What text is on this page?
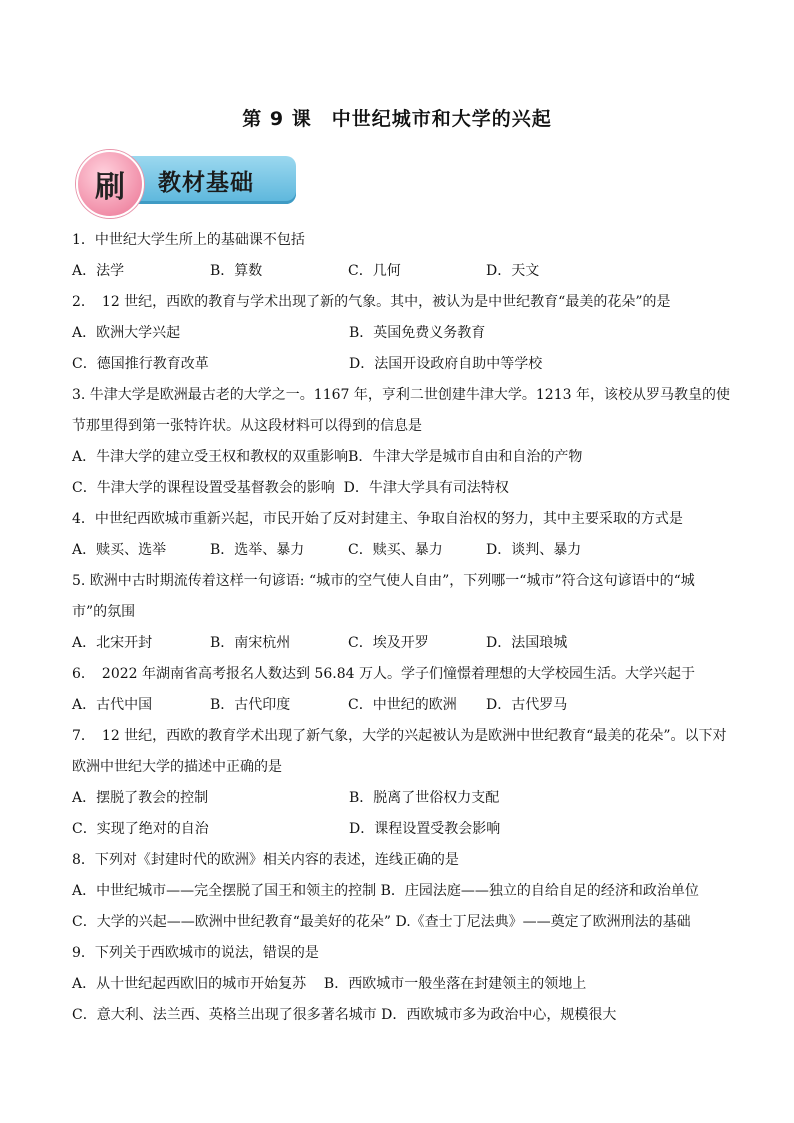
第 9 课　中世纪城市和大学的兴起
刷	教材基础
1．中世纪大学生所上的基础课不包括
A．法学	B．算数	C．几何	D．天文
2．　12 世纪，西欧的教育与学术出现了新的气象。其中，被认为是中世纪教育“最美的花朵”的是
A．欧洲大学兴起	B．英国免费义务教育
C．德国推行教育改革	D．法国开设政府自助中等学校
3. 牛津大学是欧洲最古老的大学之一。1167 年，亨利二世创建牛津大学。1213 年，该校从罗马教皇的使
节那里得到第一张特许状。从这段材料可以得到的信息是
A．牛津大学的建立受王权和教权的双重影响B．牛津大学是城市自由和自治的产物
C．牛津大学的课程设置受基督教会的影响 D．牛津大学具有司法特权
4．中世纪西欧城市重新兴起，市民开始了反对封建主、争取自治权的努力，其中主要采取的方式是
A．赎买、选举	B．选举、暴力	C．赎买、暴力	D．谈判、暴力
5. 欧洲中古时期流传着这样一句谚语: “城市的空气使人自由”，下列哪一“城市”符合这句谚语中的“城
市”的氛围
A．北宋开封	B．南宋杭州	C．埃及开罗	D．法国琅城
6．　2022 年湖南省高考报名人数达到 56.84 万人。学子们憧憬着理想的大学校园生活。大学兴起于
A．古代中国	B．古代印度	C．中世纪的欧洲	D．古代罗马
7．　12 世纪，西欧的教育学术出现了新气象，大学的兴起被认为是欧洲中世纪教育“最美的花朵”。以下对
欧洲中世纪大学的描述中正确的是
A．摆脱了教会的控制	B．脱离了世俗权力支配
C．实现了绝对的自治	D．课程设置受教会影响
8．下列对《封建时代的欧洲》相关内容的表述，连线正确的是
A．中世纪城市——完全摆脱了国王和领主的控制 B．庄园法庭——独立的自给自足的经济和政治单位
C．大学的兴起——欧洲中世纪教育“最美好的花朵” D.《查士丁尼法典》——奠定了欧洲刑法的基础
9．下列关于西欧城市的说法，错误的是
A．从十世纪起西欧旧的城市开始复苏 B．西欧城市一般坐落在封建领主的领地上
C．意大利、法兰西、英格兰出现了很多著名城市 D．西欧城市多为政治中心，规模很大
